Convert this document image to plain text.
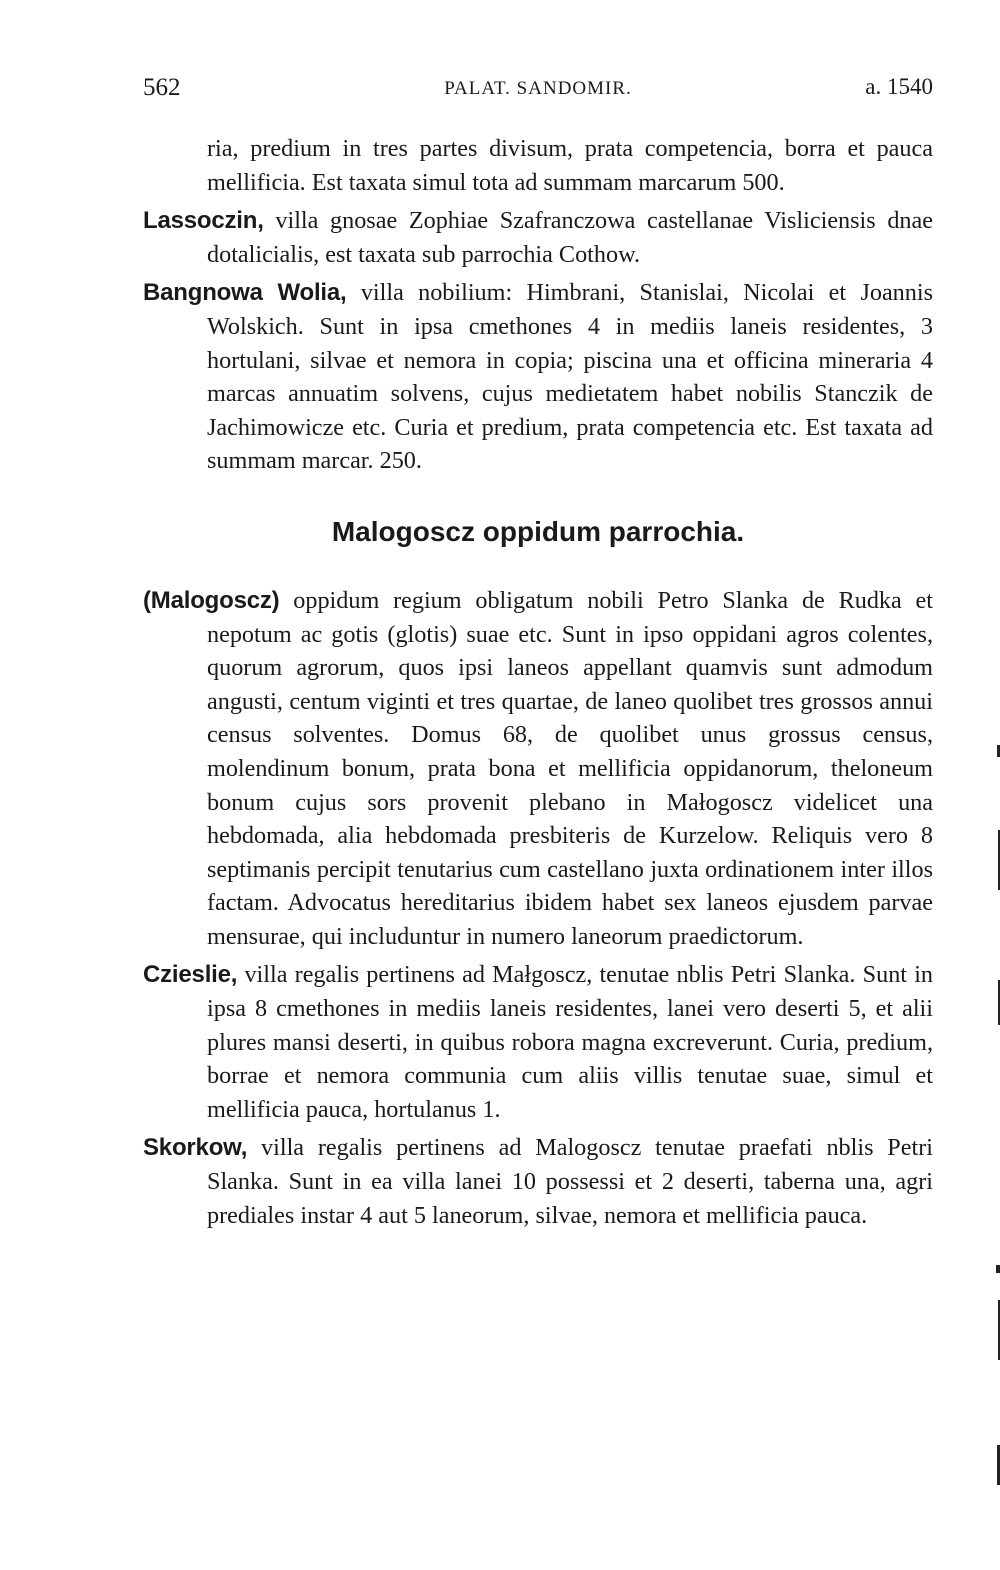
562	PALAT. SANDOMIR.	a. 1540

ria, predium in tres partes divisum, prata competencia, borra et pauca mellificia. Est taxata simul tota ad summam marcarum 500.

Lassoczin, villa gnosae Zophiae Szafranczowa castellanae Visliciensis dnae dotalicialis, est taxata sub parrochia Cothow.

Bangnowa Wolia, villa nobilium: Himbrani, Stanislai, Nicolai et Joannis Wolskich. Sunt in ipsa cmethones 4 in mediis laneis residentes, 3 hortulani, silvae et nemora in copia; piscina una et officina mineraria 4 marcas annuatim solvens, cujus medietatem habet nobilis Stanczik de Jachimowicze etc. Curia et predium, prata competencia etc. Est taxata ad summam marcar. 250.

Malogoscz oppidum parrochia.

(Malogoscz) oppidum regium obligatum nobili Petro Slanka de Rudka et nepotum ac gotis (glotis) suae etc. Sunt in ipso oppidani agros colentes, quorum agrorum, quos ipsi laneos appellant quamvis sunt admodum angusti, centum viginti et tres quartae, de laneo quolibet tres grossos annui census solventes. Domus 68, de quolibet unus grossus census, molendinum bonum, prata bona et mellificia oppidanorum, theloneum bonum cujus sors provenit plebano in Małogoscz videlicet una hebdomada, alia hebdomada presbiteris de Kurzelow. Reliquis vero 8 septimanis percipit tenutarius cum castellano juxta ordinationem inter illos factam. Advocatus hereditarius ibidem habet sex laneos ejusdem parvae mensurae, qui includuntur in numero laneorum praedictorum.

Czieslie, villa regalis pertinens ad Małgoscz, tenutae nblis Petri Slanka. Sunt in ipsa 8 cmethones in mediis laneis residentes, lanei vero deserti 5, et alii plures mansi deserti, in quibus robora magna excreverunt. Curia, predium, borrae et nemora communia cum aliis villis tenutae suae, simul et mellificia pauca, hortulanus 1.

Skorkow, villa regalis pertinens ad Malogoscz tenutae praefati nblis Petri Slanka. Sunt in ea villa lanei 10 possessi et 2 deserti, taberna una, agri prediales instar 4 aut 5 laneorum, silvae, nemora et mellificia pauca.
